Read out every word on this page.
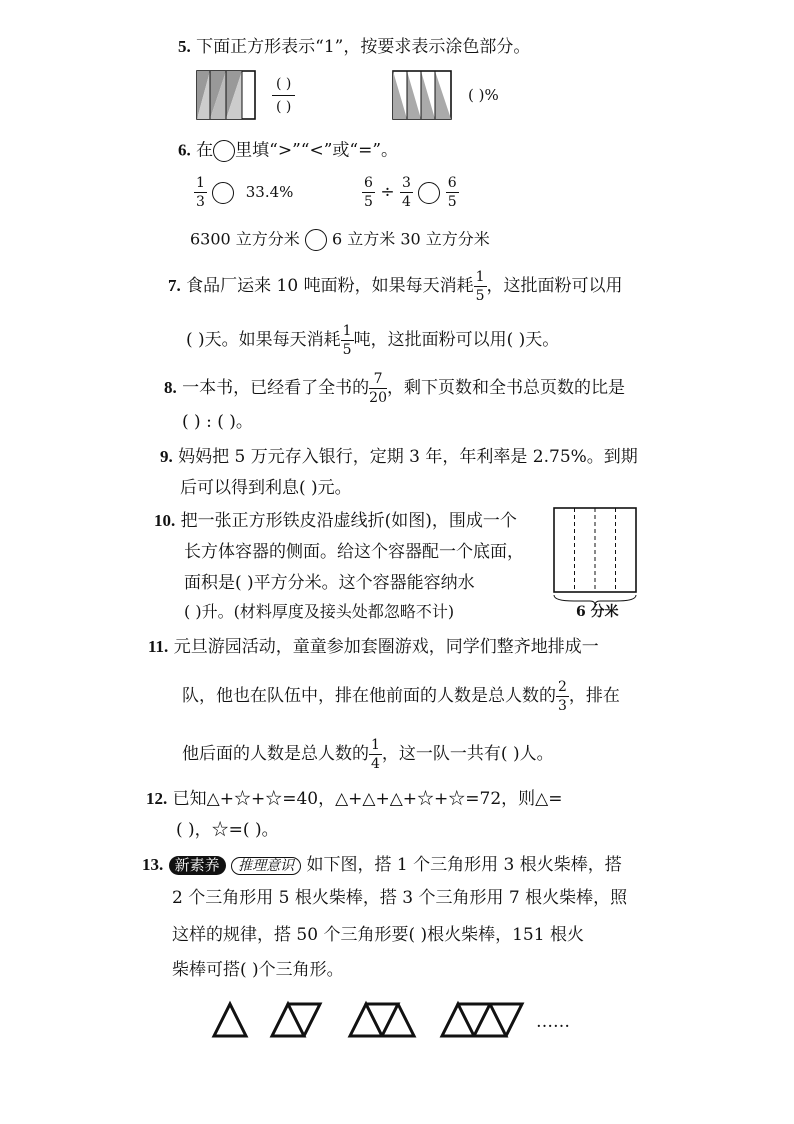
5. 下面正方形表示“1”，按要求表示涂色部分。
( )
( )
( )%
6. 在 里填“>”“<”或“=”。
$\frac{1}{3}$	33.4%	$\frac{6}{5} \div \frac{3}{4}$
$\frac{6}{5}$
6300 立方分米 6 立方米 30 立方分米
7. 食品厂运来 10 吨面粉，如果每天消耗 $\frac{1}{5}$ ，这批面粉可以用
( )天。如果每天消耗 $\frac{1}{5}$ 吨，这批面粉可以用( )天。
8. 一本书，已经看了全书的 $\frac{7}{20}$ ，剩下页数和全书总页数的比是
( ) : ( )。
9. 妈妈把 5 万元存入银行，定期 3 年，年利率是 2.75%。到期
后可以得到利息( )元。
10. 把一张正方形铁皮沿虚线折(如图)，围成一个
长方体容器的侧面。给这个容器配一个底面，
面积是( )平方分米。这个容器能容纳水
( )升。(材料厚度及接头处都忽略不计)	6 分米
11. 元旦游园活动，童童参加套圈游戏，同学们整齐地排成一
队，他也在队伍中，排在他前面的人数是总人数的 $\frac{2}{3}$ ，排在
他后面的人数是总人数的 $\frac{1}{4}$ ，这一队一共有( )人。
12. 已知△+☆+☆=40，△+△+△+☆+☆=72，则△=
( )，☆=( )。
13. 新素养 推理意识 如下图，搭 1 个三角形用 3 根火柴棒，搭
2 个三角形用 5 根火柴棒，搭 3 个三角形用 7 根火柴棒，照
这样的规律，搭 50 个三角形要( )根火柴棒，151 根火
柴棒可搭( )个三角形。
……
